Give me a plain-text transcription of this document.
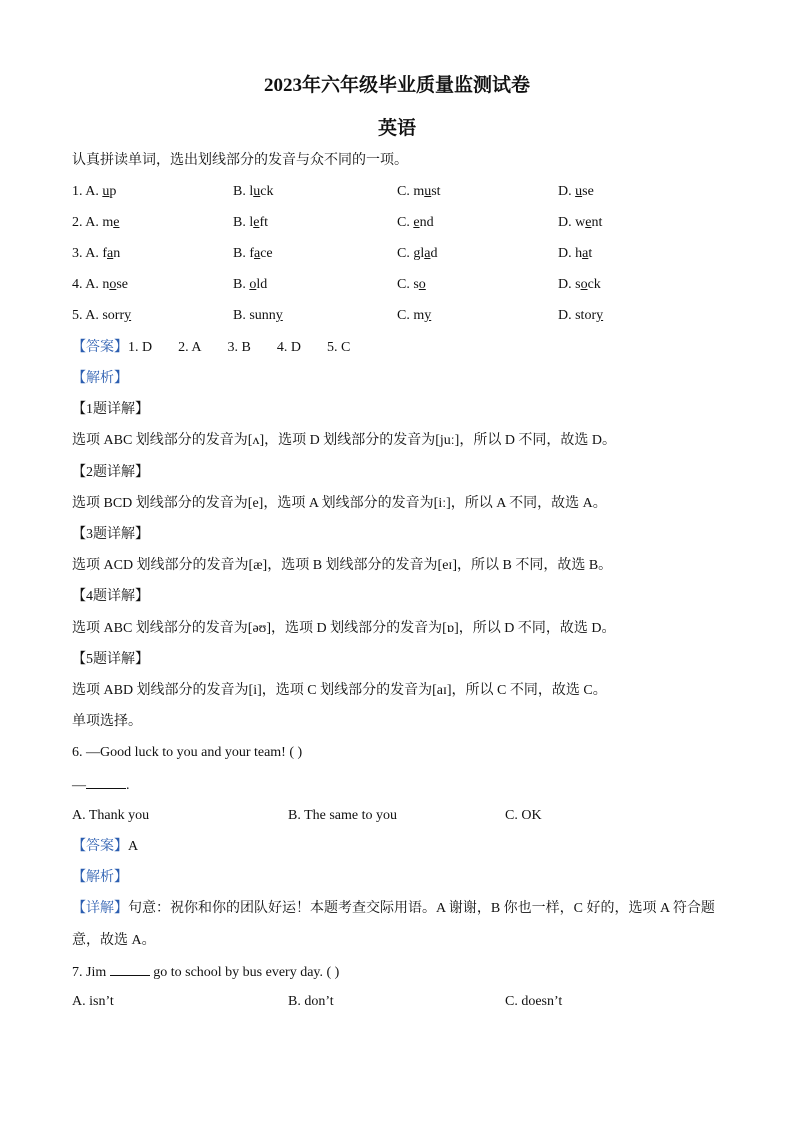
2023年六年级毕业质量监测试卷
英语
认真拼读单词，选出划线部分的发音与众不同的一项。
1. A. up	B. luck	C. must	D. use
2. A. me	B. left	C. end	D. went
3. A. fan	B. face	C. glad	D. hat
4. A. nose	B. old	C. so	D. sock
5. A. sorry	B. sunny	C. my	D. story
【答案】1. D 2. A 3. B 4. D 5. C
【解析】
【1题详解】
选项 ABC 划线部分的发音为[ʌ]，选项 D 划线部分的发音为[juː]，所以 D 不同，故选 D。
【2题详解】
选项 BCD 划线部分的发音为[e]，选项 A 划线部分的发音为[iː]，所以 A 不同，故选 A。
【3题详解】
选项 ACD 划线部分的发音为[æ]，选项 B 划线部分的发音为[eɪ]，所以 B 不同，故选 B。
【4题详解】
选项 ABC 划线部分的发音为[əʊ]，选项 D 划线部分的发音为[ɒ]，所以 D 不同，故选 D。
【5题详解】
选项 ABD 划线部分的发音为[i]，选项 C 划线部分的发音为[aɪ]，所以 C 不同，故选 C。
单项选择。
6. —Good luck to you and your team! ( )
—	.
A. Thank you	B. The same to you	C. OK
【答案】A
【解析】
【详解】句意：祝你和你的团队好运！本题考查交际用语。A 谢谢，B 你也一样，C 好的，选项 A 符合题
意，故选 A。
7. Jim	go to school by bus every day. ( )
A. isn’t	B. don’t	C. doesn’t
